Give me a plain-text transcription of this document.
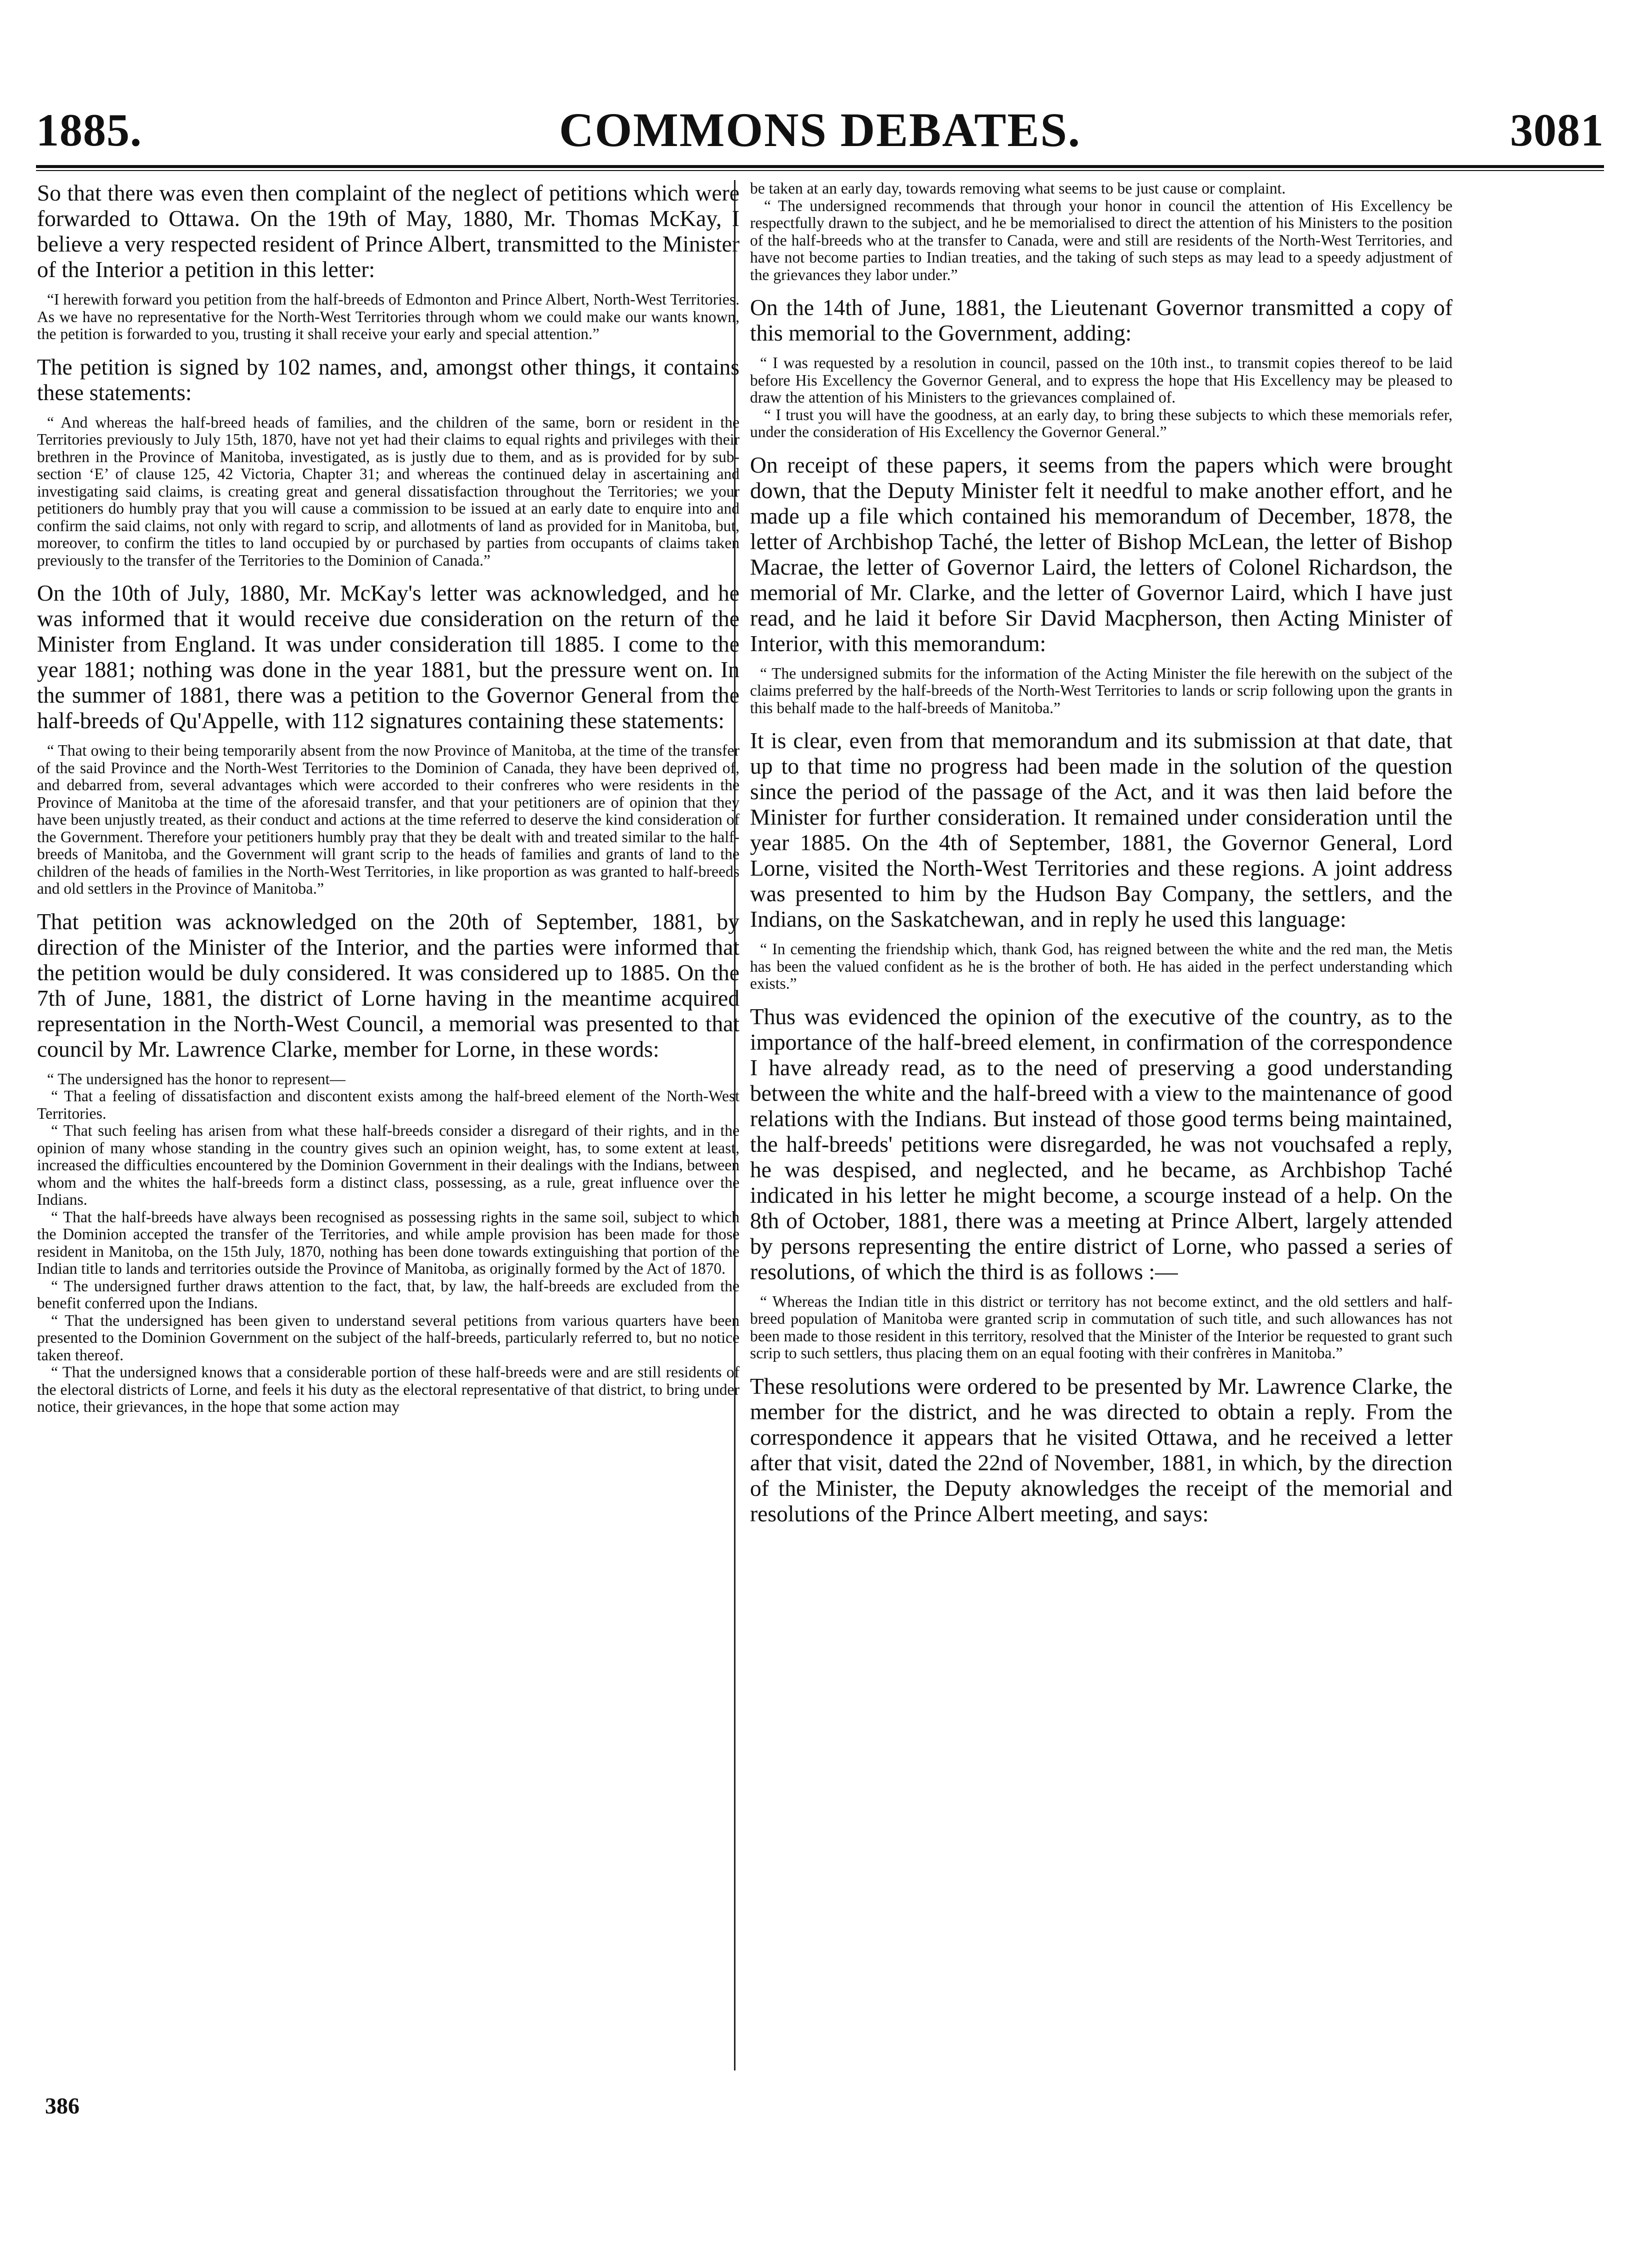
1885.	COMMONS DEBATES.	3081

So that there was even then complaint of the neglect of petitions which were forwarded to Ottawa. On the 19th of May, 1880, Mr. Thomas McKay, I believe a very respected resident of Prince Albert, transmitted to the Minister of the Interior a petition in this letter:

“I herewith forward you petition from the half-breeds of Edmonton and Prince Albert, North-West Territories. As we have no representative for the North-West Territories through whom we could make our wants known, the petition is forwarded to you, trusting it shall receive your early and special attention.”

The petition is signed by 102 names, and, amongst other things, it contains these statements:

“ And whereas the half-breed heads of families, and the children of the same, born or resident in the Territories previously to July 15th, 1870, have not yet had their claims to equal rights and privileges with their brethren in the Province of Manitoba, investigated, as is justly due to them, and as is provided for by sub-section ‘E’ of clause 125, 42 Victoria, Chapter 31; and whereas the continued delay in ascertaining and investigating said claims, is creating great and general dissatisfaction throughout the Territories; we your petitioners do humbly pray that you will cause a commission to be issued at an early date to enquire into and confirm the said claims, not only with regard to scrip, and allotments of land as provided for in Manitoba, but, moreover, to confirm the titles to land occupied by or purchased by parties from occupants of claims taken previously to the transfer of the Territories to the Dominion of Canada.”

On the 10th of July, 1880, Mr. McKay's letter was acknowledged, and he was informed that it would receive due consideration on the return of the Minister from England. It was under consideration till 1885. I come to the year 1881; nothing was done in the year 1881, but the pressure went on. In the summer of 1881, there was a petition to the Governor General from the half-breeds of Qu'Appelle, with 112 signatures containing these statements:

“ That owing to their being temporarily absent from the now Province of Manitoba, at the time of the transfer of the said Province and the North-West Territories to the Dominion of Canada, they have been deprived of, and debarred from, several advantages which were accorded to their confreres who were residents in the Province of Manitoba at the time of the aforesaid transfer, and that your petitioners are of opinion that they have been unjustly treated, as their conduct and actions at the time referred to deserve the kind consideration of the Government. Therefore your petitioners humbly pray that they be dealt with and treated similar to the half-breeds of Manitoba, and the Government will grant scrip to the heads of families and grants of land to the children of the heads of families in the North-West Territories, in like proportion as was granted to half-breeds and old settlers in the Province of Manitoba.”

That petition was acknowledged on the 20th of September, 1881, by direction of the Minister of the Interior, and the parties were informed that the petition would be duly considered. It was considered up to 1885. On the 7th of June, 1881, the district of Lorne having in the meantime acquired representation in the North-West Council, a memorial was presented to that council by Mr. Lawrence Clarke, member for Lorne, in these words:

“ The undersigned has the honor to represent—

“ That a feeling of dissatisfaction and discontent exists among the half-breed element of the North-West Territories.

“ That such feeling has arisen from what these half-breeds consider a disregard of their rights, and in the opinion of many whose standing in the country gives such an opinion weight, has, to some extent at least, increased the difficulties encountered by the Dominion Government in their dealings with the Indians, between whom and the whites the half-breeds form a distinct class, possessing, as a rule, great influence over the Indians.

“ That the half-breeds have always been recognised as possessing rights in the same soil, subject to which the Dominion accepted the transfer of the Territories, and while ample provision has been made for those resident in Manitoba, on the 15th July, 1870, nothing has been done towards extinguishing that portion of the Indian title to lands and territories outside the Province of Manitoba, as originally formed by the Act of 1870.

“ The undersigned further draws attention to the fact, that, by law, the half-breeds are excluded from the benefit conferred upon the Indians.

“ That the undersigned has been given to understand several petitions from various quarters have been presented to the Dominion Government on the subject of the half-breeds, particularly referred to, but no notice taken thereof.

“ That the undersigned knows that a considerable portion of these half-breeds were and are still residents of the electoral districts of Lorne, and feels it his duty as the electoral representative of that district, to bring under notice, their grievances, in the hope that some action may

be taken at an early day, towards removing what seems to be just cause or complaint.

“ The undersigned recommends that through your honor in council the attention of His Excellency be respectfully drawn to the subject, and he be memorialised to direct the attention of his Ministers to the position of the half-breeds who at the transfer to Canada, were and still are residents of the North-West Territories, and have not become parties to Indian treaties, and the taking of such steps as may lead to a speedy adjustment of the grievances they labor under.”

On the 14th of June, 1881, the Lieutenant Governor transmitted a copy of this memorial to the Government, adding:

“ I was requested by a resolution in council, passed on the 10th inst., to transmit copies thereof to be laid before His Excellency the Governor General, and to express the hope that His Excellency may be pleased to draw the attention of his Ministers to the grievances complained of.

“ I trust you will have the goodness, at an early day, to bring these subjects to which these memorials refer, under the consideration of His Excellency the Governor General.”

On receipt of these papers, it seems from the papers which were brought down, that the Deputy Minister felt it needful to make another effort, and he made up a file which contained his memorandum of December, 1878, the letter of Archbishop Taché, the letter of Bishop McLean, the letter of Bishop Macrae, the letter of Governor Laird, the letters of Colonel Richardson, the memorial of Mr. Clarke, and the letter of Governor Laird, which I have just read, and he laid it before Sir David Macpherson, then Acting Minister of Interior, with this memorandum:

“ The undersigned submits for the information of the Acting Minister the file herewith on the subject of the claims preferred by the half-breeds of the North-West Territories to lands or scrip following upon the grants in this behalf made to the half-breeds of Manitoba.”

It is clear, even from that memorandum and its submission at that date, that up to that time no progress had been made in the solution of the question since the period of the passage of the Act, and it was then laid before the Minister for further consideration. It remained under consideration until the year 1885. On the 4th of September, 1881, the Governor General, Lord Lorne, visited the North-West Territories and these regions. A joint address was presented to him by the Hudson Bay Company, the settlers, and the Indians, on the Saskatchewan, and in reply he used this language:

“ In cementing the friendship which, thank God, has reigned between the white and the red man, the Metis has been the valued confident as he is the brother of both. He has aided in the perfect understanding which exists.”

Thus was evidenced the opinion of the executive of the country, as to the importance of the half-breed element, in confirmation of the correspondence I have already read, as to the need of preserving a good understanding between the white and the half-breed with a view to the maintenance of good relations with the Indians. But instead of those good terms being maintained, the half-breeds' petitions were disregarded, he was not vouchsafed a reply, he was despised, and neglected, and he became, as Archbishop Taché indicated in his letter he might become, a scourge instead of a help. On the 8th of October, 1881, there was a meeting at Prince Albert, largely attended by persons representing the entire district of Lorne, who passed a series of resolutions, of which the third is as follows :—

“ Whereas the Indian title in this district or territory has not become extinct, and the old settlers and half-breed population of Manitoba were granted scrip in commutation of such title, and such allowances has not been made to those resident in this territory, resolved that the Minister of the Interior be requested to grant such scrip to such settlers, thus placing them on an equal footing with their confrères in Manitoba.”

These resolutions were ordered to be presented by Mr. Lawrence Clarke, the member for the district, and he was directed to obtain a reply. From the correspondence it appears that he visited Ottawa, and he received a letter after that visit, dated the 22nd of November, 1881, in which, by the direction of the Minister, the Deputy aknowledges the receipt of the memorial and resolutions of the Prince Albert meeting, and says:

386
